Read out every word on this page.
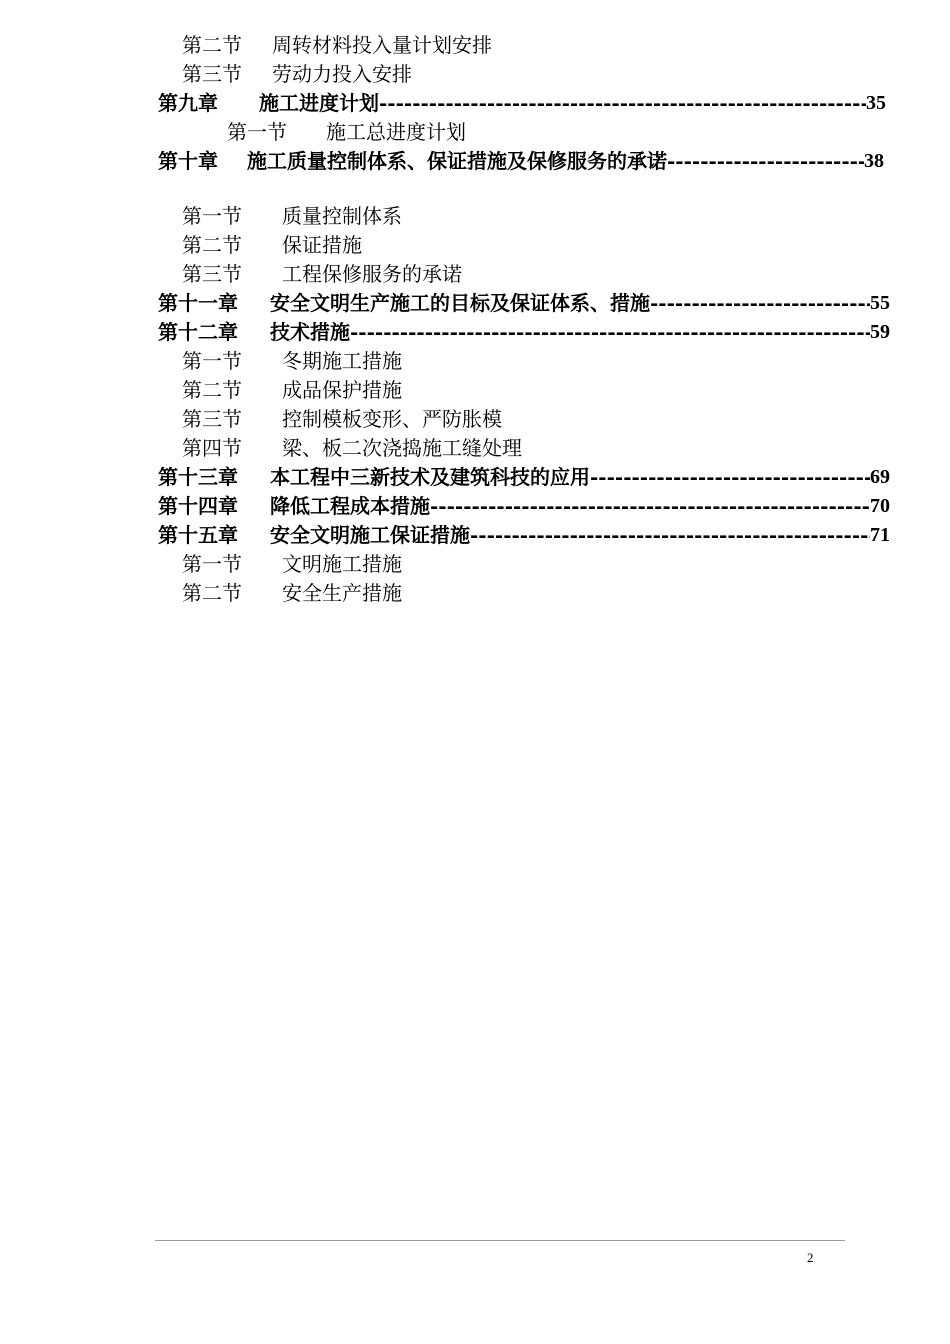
第二节 周转材料投入量计划安排
第三节 劳动力投入安排
第九章	施工进度计划 -----	35
第一节 施工总进度计划
第十章	施工质量控制体系、保证措施及保修服务的承诺 -----	38
第一节 质量控制体系
第二节 保证措施
第三节 工程保修服务的承诺
第十一章	安全文明生产施工的目标及保证体系、措施 -----	55
第十二章	技术措施 -----	59
第一节 冬期施工措施
第二节 成品保护措施
第三节 控制模板变形、严防胀模
第四节 梁、板二次浇捣施工缝处理
第十三章	本工程中三新技术及建筑科技的应用 -----	69
第十四章	降低工程成本措施 -----	70
第十五章	安全文明施工保证措施 -----	71
第一节 文明施工措施
第二节 安全生产措施
2
